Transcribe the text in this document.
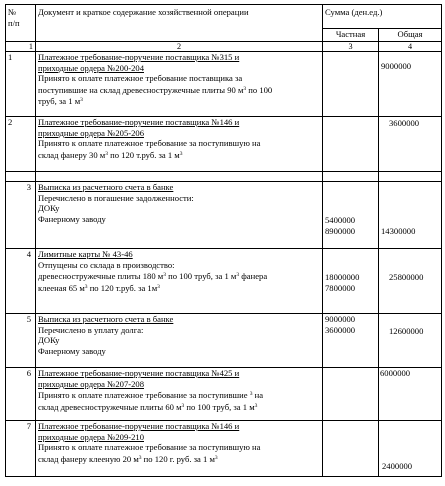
№
п/п	Документ и краткое содержание хозяйственной операции	Сумма (ден.ед.)	
		Частная	Общая
1	2	3	4
1	Платежное требование-поручение поставщика №315 и
приходные ордера №200-204
Принято к оплате платежное требование поставщика за
поступившие на склад древесностружечные плиты 90 $м^3$ по 100
труб, за 1 $м^3$		9000000
2	Платежное требование-поручение поставщика №146 и
приходные ордера №205-206
Принято к оплате платежное требование за поступившую на
склад фанеру 30 $м^3$ по 120 т.руб. за 1 $м^3$		3600000

3	Выписка из расчетного счета в банке
Перечислено в погашение задолженности:
ДОКу
Фанерному заводу	5400000
8900000	14300000
4	Лимитные карты № 43-46
Отпущены со склада в производство:
древесностружечные плиты 180 $м^3$ по 100 труб, за 1 $м^3$ фанера
клееная 65 $м^3$ по 120 т.руб. за $1м^3$	18000000
7800000	25800000
5	Выписка из расчетного счета в банке
Перечислено в уплату долга:
ДОКу
Фанерному заводу	9000000
3600000	12600000
6	Платежное требование-поручение поставщика №425 и
приходные ордера №207-208
Принято к оплате платежное требование за поступившие $^3$ на
склад древесностружечные плиты 60 $м^3$ по 100 труб, за 1 $м^3$		6000000
7	Платежное требование-поручение поставщика №146 и
приходные ордера №209-210
Принято к оплате платежное требование за поступившую на
склад фанеру клееную 20 $м^3$ по 120 г. руб. за 1 $м^3$		2400000
